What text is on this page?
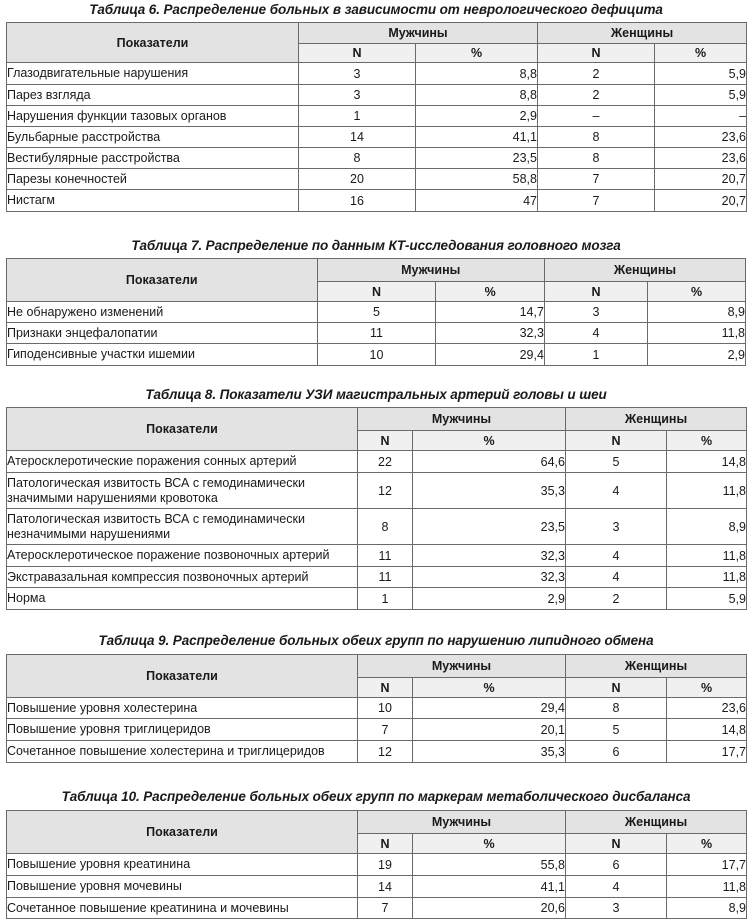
Таблица 6. Распределение больных в зависимости от неврологического дефицита
Показатели	Мужчины		Женщины	
	N	%	N	%
Глазодвигательные нарушения	3	8,8	2	5,9
Парез взгляда	3	8,8	2	5,9
Нарушения функции тазовых органов	1	2,9	–	–
Бульбарные расстройства	14	41,1	8	23,6
Вестибулярные расстройства	8	23,5	8	23,6
Парезы конечностей	20	58,8	7	20,7
Нистагм	16	47	7	20,7
Таблица 7. Распределение по данным КТ-исследования головного мозга
Показатели	Мужчины		Женщины	
	N	%	N	%
Не обнаружено изменений	5	14,7	3	8,9
Признаки энцефалопатии	11	32,3	4	11,8
Гиподенсивные участки ишемии	10	29,4	1	2,9
Таблица 8. Показатели УЗИ магистральных артерий головы и шеи
Показатели	Мужчины		Женщины	
	N	%	N	%
Атеросклеротические поражения сонных артерий	22	64,6	5	14,8
Патологическая извитость ВСА с гемодинамически значимыми нарушениями кровотока	12	35,3	4	11,8
Патологическая извитость ВСА с гемодинамически незначимыми нарушениями	8	23,5	3	8,9
Атеросклеротическое поражение позвоночных артерий	11	32,3	4	11,8
Экстравазальная компрессия позвоночных артерий	11	32,3	4	11,8
Норма	1	2,9	2	5,9
Таблица 9. Распределение больных обеих групп по нарушению липидного обмена
Показатели	Мужчины		Женщины	
	N	%	N	%
Повышение уровня холестерина	10	29,4	8	23,6
Повышение уровня триглицеридов	7	20,1	5	14,8
Сочетанное повышение холестерина и триглицеридов	12	35,3	6	17,7
Таблица 10. Распределение больных обеих групп по маркерам метаболического дисбаланса
Показатели	Мужчины		Женщины	
	N	%	N	%
Повышение уровня креатинина	19	55,8	6	17,7
Повышение уровня мочевины	14	41,1	4	11,8
Сочетанное повышение креатинина и мочевины	7	20,6	3	8,9
